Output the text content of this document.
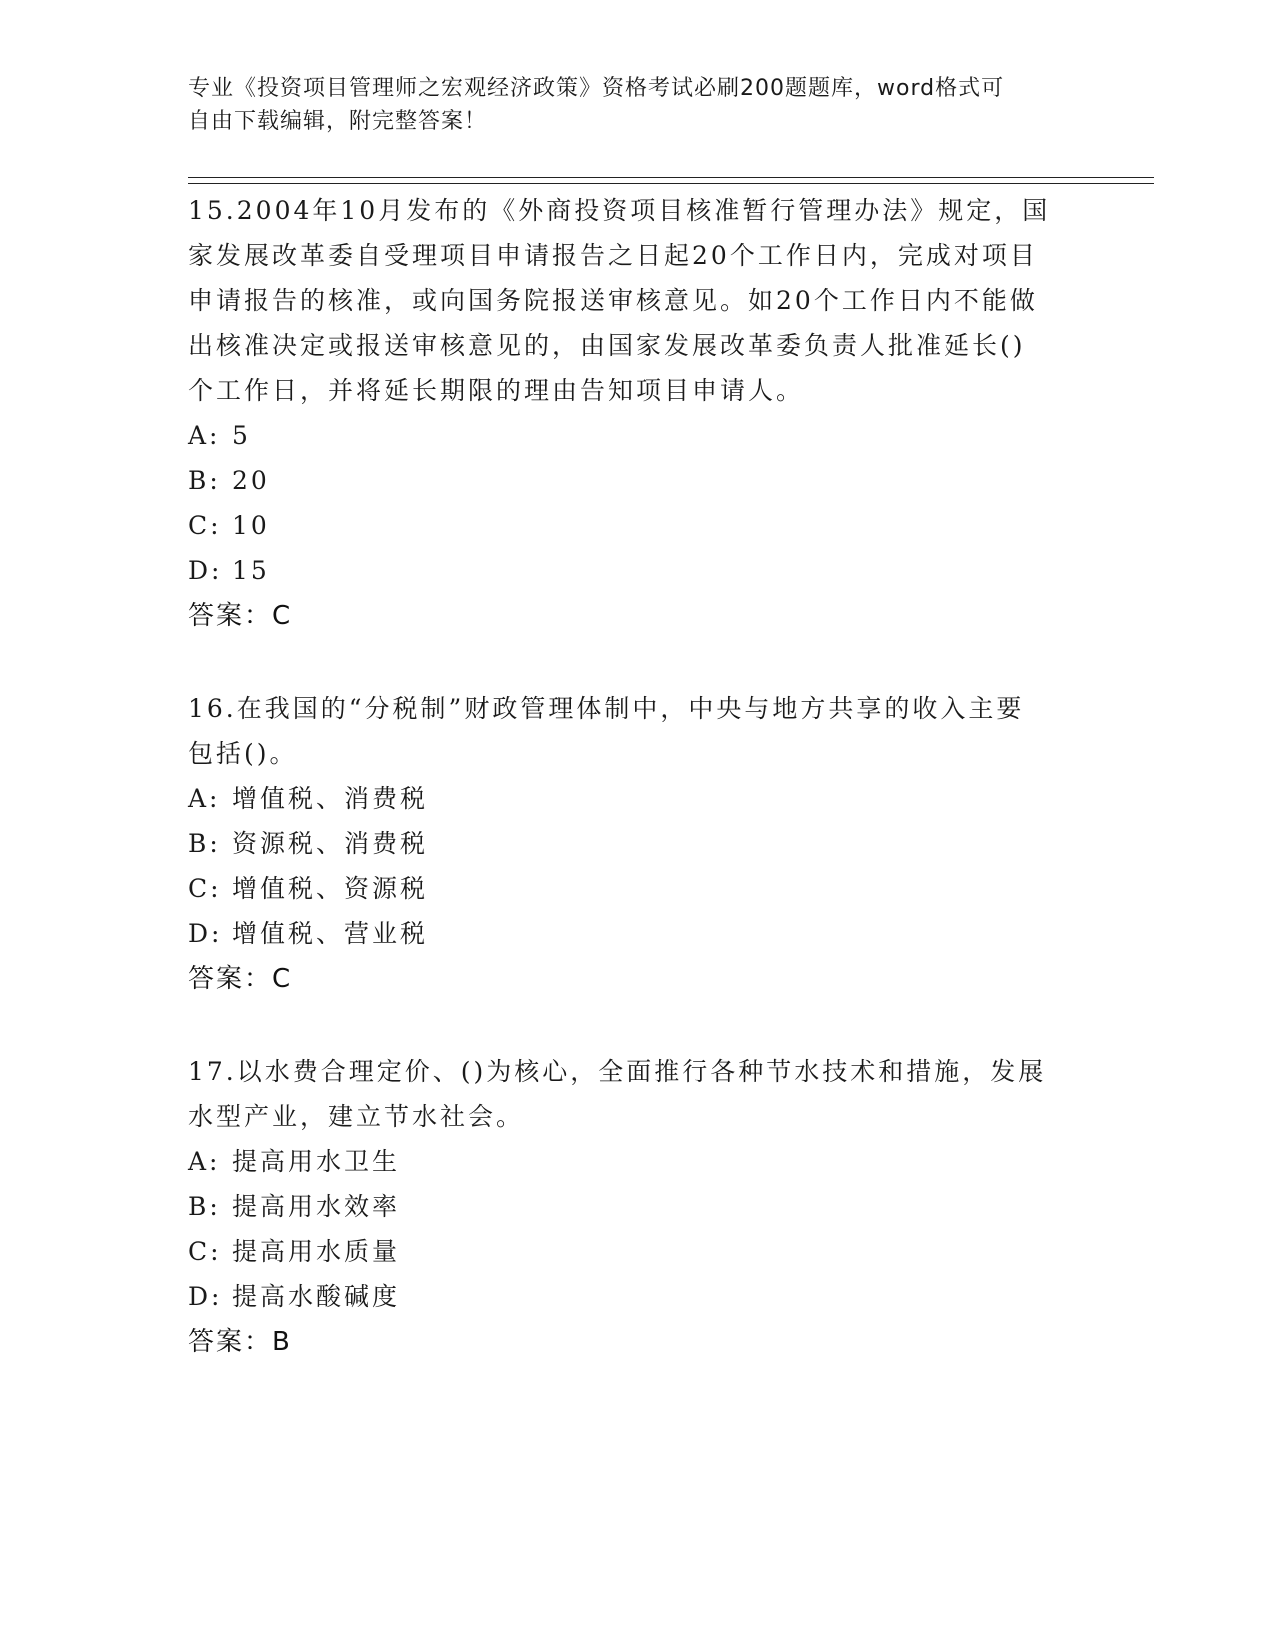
专业《投资项目管理师之宏观经济政策》资格考试必刷200题题库，word格式可
自由下载编辑，附完整答案！
15.2004年10月发布的《外商投资项目核准暂行管理办法》规定，国
家发展改革委自受理项目申请报告之日起20个工作日内，完成对项目
申请报告的核准，或向国务院报送审核意见。如20个工作日内不能做
出核准决定或报送审核意见的，由国家发展改革委负责人批准延长()
个工作日，并将延长期限的理由告知项目申请人。
A: 5
B: 20
C: 10
D: 15
答案：C
16.在我国的“分税制”财政管理体制中，中央与地方共享的收入主要
包括()。
A: 增值税、消费税
B: 资源税、消费税
C: 增值税、资源税
D: 增值税、营业税
答案：C
17.以水费合理定价、()为核心，全面推行各种节水技术和措施，发展
水型产业，建立节水社会。
A: 提高用水卫生
B: 提高用水效率
C: 提高用水质量
D: 提高水酸碱度
答案：B
